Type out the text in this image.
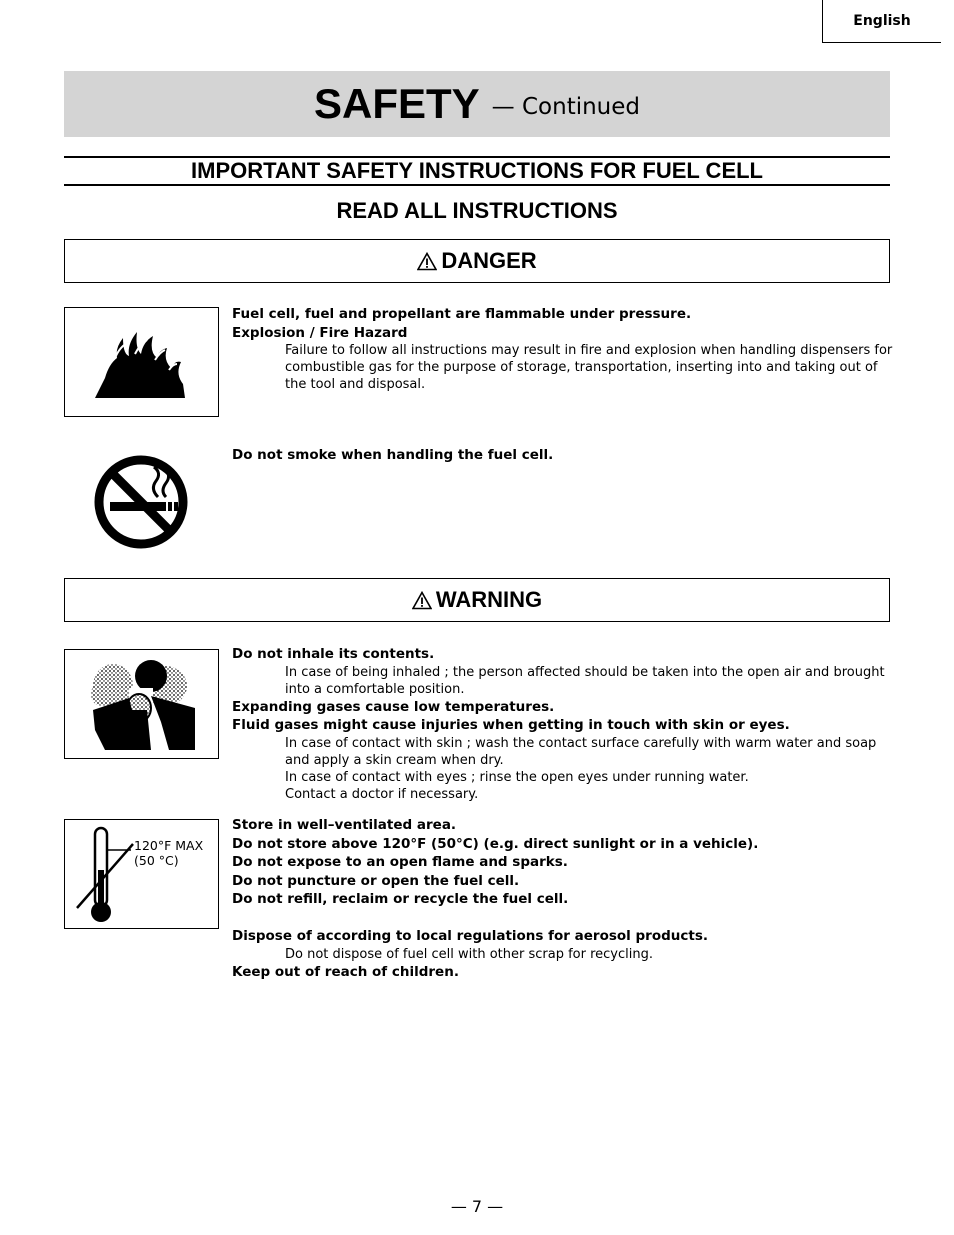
English
SAFETY — Continued
IMPORTANT SAFETY INSTRUCTIONS FOR FUEL CELL
READ ALL INSTRUCTIONS
DANGER
Fuel cell, fuel and propellant are flammable under pressure.
Explosion / Fire Hazard
Failure to follow all instructions may result in fire and explosion when handling dispensers for combustible gas for the purpose of storage, transportation, inserting into and taking out of the tool and disposal.
Do not smoke when handling the fuel cell.
WARNING
Do not inhale its contents.
In case of being inhaled ; the person affected should be taken into the open air and brought into a comfortable position.
Expanding gases cause low temperatures.
Fluid gases might cause injuries when getting in touch with skin or eyes.
In case of contact with skin ; wash the contact surface carefully with warm water and soap and apply a skin cream when dry.
In case of contact with eyes ; rinse the open eyes under running water.
Contact a doctor if necessary.
120°F MAX
(50 °C)
Store in well–ventilated area.
Do not store above 120°F (50°C) (e.g. direct sunlight or in a vehicle).
Do not expose to an open flame and sparks.
Do not puncture or open the fuel cell.
Do not refill, reclaim or recycle the fuel cell.
Dispose of according to local regulations for aerosol products.
Do not dispose of fuel cell with other scrap for recycling.
Keep out of reach of children.
— 7 —
